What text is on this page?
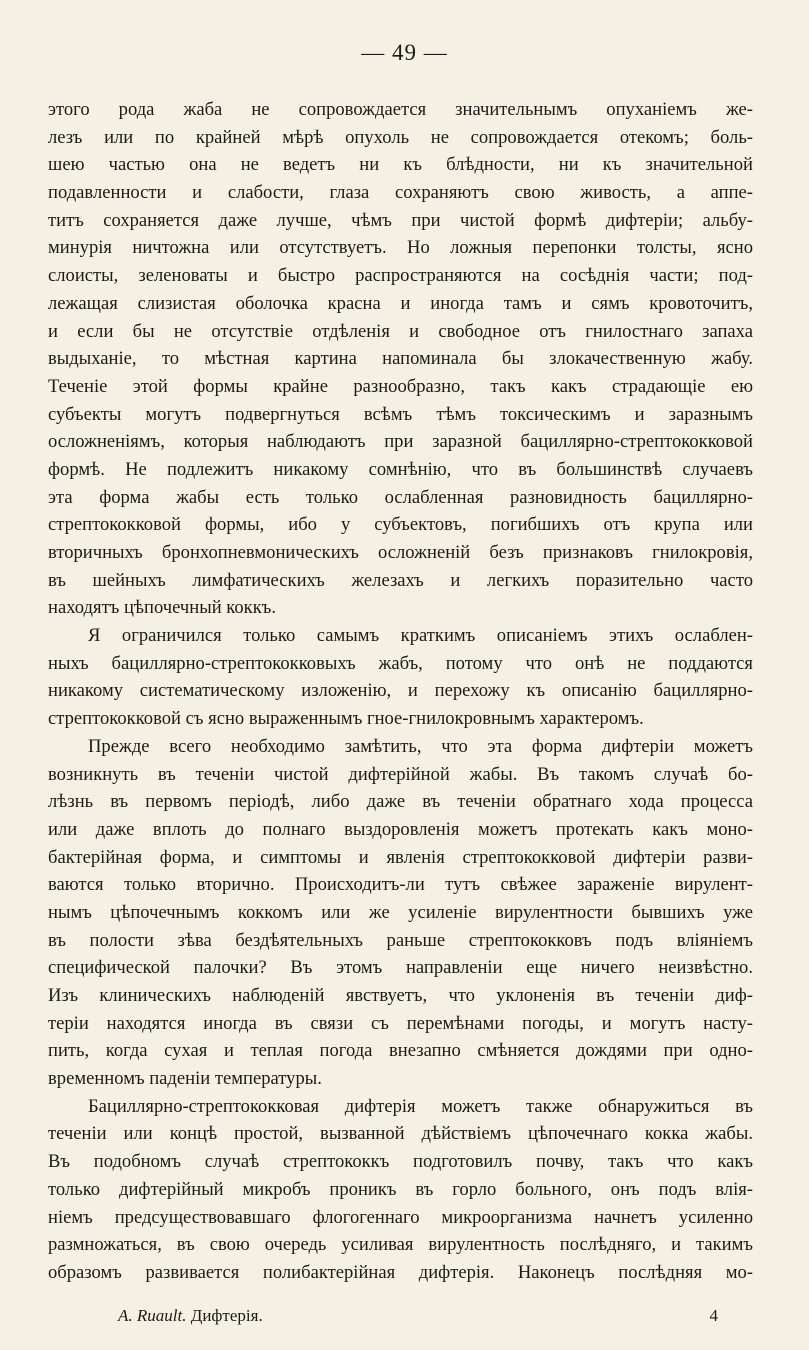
— 49 —
этого рода жаба не сопровождается значительнымъ опуханіемъ же-
лезъ или по крайней мѣрѣ опухоль не сопровождается отекомъ; боль-
шею частью она не ведетъ ни къ блѣдности, ни къ значительной
подавленности и слабости, глаза сохраняютъ свою живость, а аппе-
титъ сохраняется даже лучше, чѣмъ при чистой формѣ дифтеріи; альбу-
минурія ничтожна или отсутствуетъ. Но ложныя перепонки толсты, ясно
слоисты, зеленоваты и быстро распространяются на сосѣднія части; под-
лежащая слизистая оболочка красна и иногда тамъ и сямъ кровоточитъ,
и если бы не отсутствіе отдѣленія и свободное отъ гнилостнаго запаха
выдыханіе, то мѣстная картина напоминала бы злокачественную жабу.
Теченіе этой формы крайне разнообразно, такъ какъ страдающіе ею
субъекты могутъ подвергнуться всѣмъ тѣмъ токсическимъ и заразнымъ
осложненіямъ, которыя наблюдаютъ при заразной бациллярно-стрептококковой
формѣ. Не подлежитъ никакому сомнѣнію, что въ большинствѣ случаевъ
эта форма жабы есть только ослабленная разновидность бациллярно-
стрептококковой формы, ибо у субъектовъ, погибшихъ отъ крупа или
вторичныхъ бронхопневмоническихъ осложненій безъ признаковъ гнилокровія,
въ шейныхъ лимфатическихъ железахъ и легкихъ поразительно часто
находятъ цѣпочечный коккъ.
Я ограничился только самымъ краткимъ описаніемъ этихъ ослаблен-
ныхъ бациллярно-стрептококковыхъ жабъ, потому что онѣ не поддаются
никакому систематическому изложенію, и перехожу къ описанію бациллярно-
стрептококковой съ ясно выраженнымъ гное-гнилокровнымъ характеромъ.
Прежде всего необходимо замѣтить, что эта форма дифтеріи можетъ
возникнуть въ теченіи чистой дифтерійной жабы. Въ такомъ случаѣ бо-
лѣзнь въ первомъ періодѣ, либо даже въ теченіи обратнаго хода процесса
или даже вплоть до полнаго выздоровленія можетъ протекать какъ моно-
бактерійная форма, и симптомы и явленія стрептококковой дифтеріи разви-
ваются только вторично. Происходитъ-ли тутъ свѣжее зараженіе вирулент-
нымъ цѣпочечнымъ коккомъ или же усиленіе вирулентности бывшихъ уже
въ полости зѣва бездѣятельныхъ раньше стрептококковъ подъ вліяніемъ
специфической палочки? Въ этомъ направленіи еще ничего неизвѣстно.
Изъ клиническихъ наблюденій явствуетъ, что уклоненія въ теченіи диф-
теріи находятся иногда въ связи съ перемѣнами погоды, и могутъ насту-
пить, когда сухая и теплая погода внезапно смѣняется дождями при одно-
временномъ паденіи температуры.
Бациллярно-стрептококковая дифтерія можетъ также обнаружиться въ
теченіи или концѣ простой, вызванной дѣйствіемъ цѣпочечнаго кокка жабы.
Въ подобномъ случаѣ стрептококкъ подготовилъ почву, такъ что какъ
только дифтерійный микробъ проникъ въ горло больного, онъ подъ влія-
ніемъ предсуществовавшаго флогогеннаго микроорганизма начнетъ усиленно
размножаться, въ свою очередь усиливая вирулентность послѣдняго, и такимъ
образомъ развивается полибактерійная дифтерія. Наконецъ послѣдняя мо-
А. Ruault. Дифтерія.	4
